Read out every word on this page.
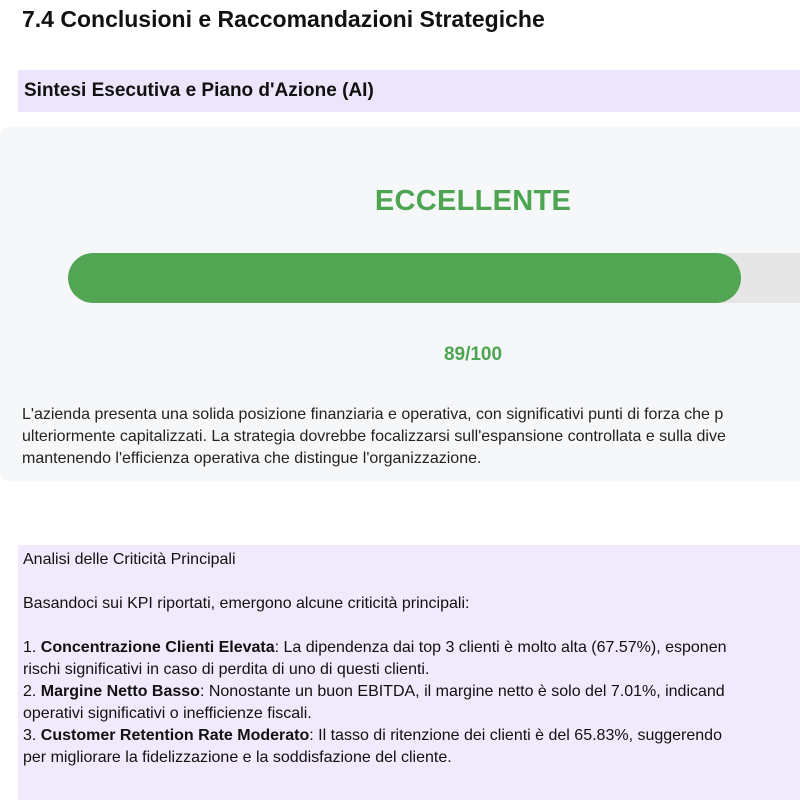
7.4 Conclusioni e Raccomandazioni Strategiche
Sintesi Esecutiva e Piano d'Azione (AI)
ECCELLENTE
89/100

L'azienda presenta una solida posizione finanziaria e operativa, con significativi punti di forza che p
ulteriormente capitalizzati. La strategia dovrebbe focalizzarsi sull'espansione controllata e sulla dive
mantenendo l'efficienza operativa che distingue l'organizzazione.

Analisi delle Criticità Principali
Basandoci sui KPI riportati, emergono alcune criticità principali:
1. Concentrazione Clienti Elevata: La dipendenza dai top 3 clienti è molto alta (67.57%), esponen
rischi significativi in caso di perdita di uno di questi clienti.
2. Margine Netto Basso: Nonostante un buon EBITDA, il margine netto è solo del 7.01%, indicand
operativi significativi o inefficienze fiscali.
3. Customer Retention Rate Moderato: Il tasso di ritenzione dei clienti è del 65.83%, suggerendo
per migliorare la fidelizzazione e la soddisfazione del cliente.
